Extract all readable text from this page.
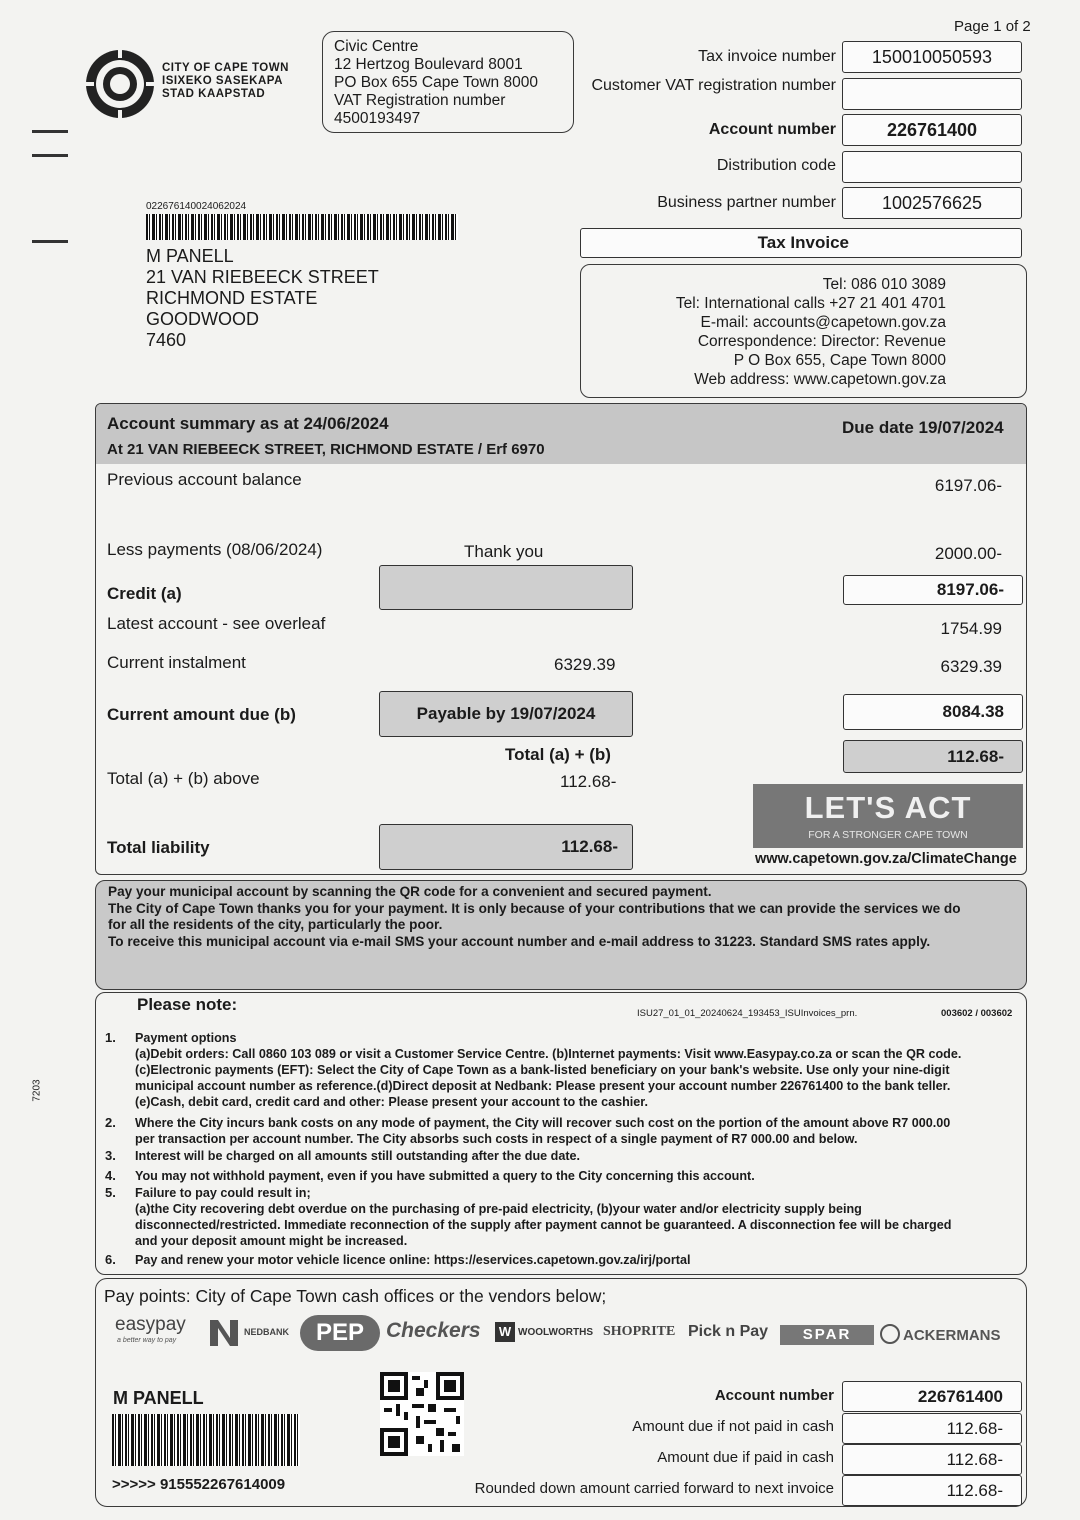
Page 1 of 2
CITY OF CAPE TOWN
ISIXEKO SASEKAPA
STAD KAAPSTAD
Civic Centre
12 Hertzog Boulevard 8001
PO Box 655 Cape Town 8000
VAT Registration number
4500193497
Tax invoice number	150010050593
Customer VAT registration number
Account number	226761400
Distribution code
Business partner number	1002576625
Tax Invoice
Tel: 086 010 3089
Tel: International calls +27 21 401 4701
E-mail: accounts@capetown.gov.za
Correspondence: Director: Revenue
P O Box 655, Cape Town 8000
Web address: www.capetown.gov.za
022676140024062024
M PANELL
21 VAN RIEBEECK STREET
RICHMOND ESTATE
GOODWOOD
7460
Account summary as at 24/06/2024
At 21 VAN RIEBEECK STREET, RICHMOND ESTATE / Erf 6970
Due date 19/07/2024
Previous account balance	6197.06-
Less payments (08/06/2024)	Thank you	2000.00-
Credit (a)	8197.06-
Latest account - see overleaf	1754.99
Current instalment	6329.39	6329.39
Current amount due (b)	Payable by 19/07/2024	8084.38
Total (a) + (b)	112.68-
Total (a) + (b) above	112.68-
Total liability	112.68-
LET'S ACT
FOR A STRONGER CAPE TOWN
www.capetown.gov.za/ClimateChange
Pay your municipal account by scanning the QR code for a convenient and secured payment.
The City of Cape Town thanks you for your payment. It is only because of your contributions that we can provide the services we do
for all the residents of the city, particularly the poor.
To receive this municipal account via e-mail SMS your account number and e-mail address to 31223. Standard SMS rates apply.
Please note:	ISU27_01_01_20240624_193453_ISUInvoices_prn.	003602 / 003602
7203
1. Payment options
(a)Debit orders: Call 0860 103 089 or visit a Customer Service Centre. (b)Internet payments: Visit www.Easypay.co.za or scan the QR code.
(c)Electronic payments (EFT): Select the City of Cape Town as a bank-listed beneficiary on your bank's website. Use only your nine-digit
municipal account number as reference.(d)Direct deposit at Nedbank: Please present your account number 226761400 to the bank teller.
(e)Cash, debit card, credit card and other: Please present your account to the cashier.
2. Where the City incurs bank costs on any mode of payment, the City will recover such cost on the portion of the amount above R7 000.00
per transaction per account number. The City absorbs such costs in respect of a single payment of R7 000.00 and below.
3. Interest will be charged on all amounts still outstanding after the due date.
4. You may not withhold payment, even if you have submitted a query to the City concerning this account.
5. Failure to pay could result in;
(a)the City recovering debt overdue on the purchasing of pre-paid electricity, (b)your water and/or electricity supply being
disconnected/restricted. Immediate reconnection of the supply after payment cannot be guaranteed. A disconnection fee will be charged
and your deposit amount might be increased.
6. Pay and renew your motor vehicle licence online: https://eservices.capetown.gov.za/irj/portal
Pay points: City of Cape Town cash offices or the vendors below;
easypay
a better way to pay
NEDBANK	PEP	Checkers W WOOLWORTHS SHOPRITE Pick n Pay	SPAR	ACKERMANS
M PANELL
>>>>> 915552267614009
Account number	226761400
Amount due if not paid in cash	112.68-
Amount due if paid in cash	112.68-
Rounded down amount carried forward to next invoice	112.68-
